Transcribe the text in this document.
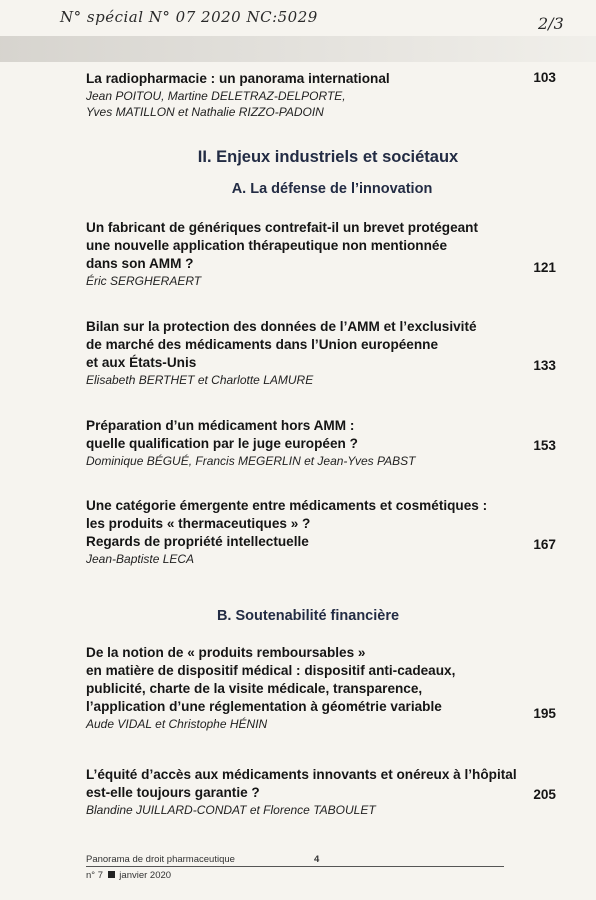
N° spécial N° 07 2020 NC:5029	2/3
La radiopharmacie : un panorama international
Jean POITOU, Martine DELETRAZ-DELPORTE,
Yves MATILLON et Nathalie RIZZO-PADOIN
103
II. Enjeux industriels et sociétaux
A. La défense de l’innovation
Un fabricant de génériques contrefait-il un brevet protégeant
une nouvelle application thérapeutique non mentionnée
dans son AMM ?
Éric SERGHERAERT
121
Bilan sur la protection des données de l’AMM et l’exclusivité
de marché des médicaments dans l’Union européenne
et aux États-Unis
Elisabeth BERTHET et Charlotte LAMURE
133
Préparation d’un médicament hors AMM :
quelle qualification par le juge européen ?
Dominique BÉGUÉ, Francis MEGERLIN et Jean-Yves PABST
153
Une catégorie émergente entre médicaments et cosmétiques :
les produits « thermaceutiques » ?
Regards de propriété intellectuelle
Jean-Baptiste LECA
167
B. Soutenabilité financière
De la notion de « produits remboursables »
en matière de dispositif médical : dispositif anti-cadeaux,
publicité, charte de la visite médicale, transparence,
l’application d’une réglementation à géométrie variable
Aude VIDAL et Christophe HÉNIN
195
L’équité d’accès aux médicaments innovants et onéreux à l’hôpital
est-elle toujours garantie ?
Blandine JUILLARD-CONDAT et Florence TABOULET
205
Panorama de droit pharmaceutique	4
n° 7 janvier 2020
